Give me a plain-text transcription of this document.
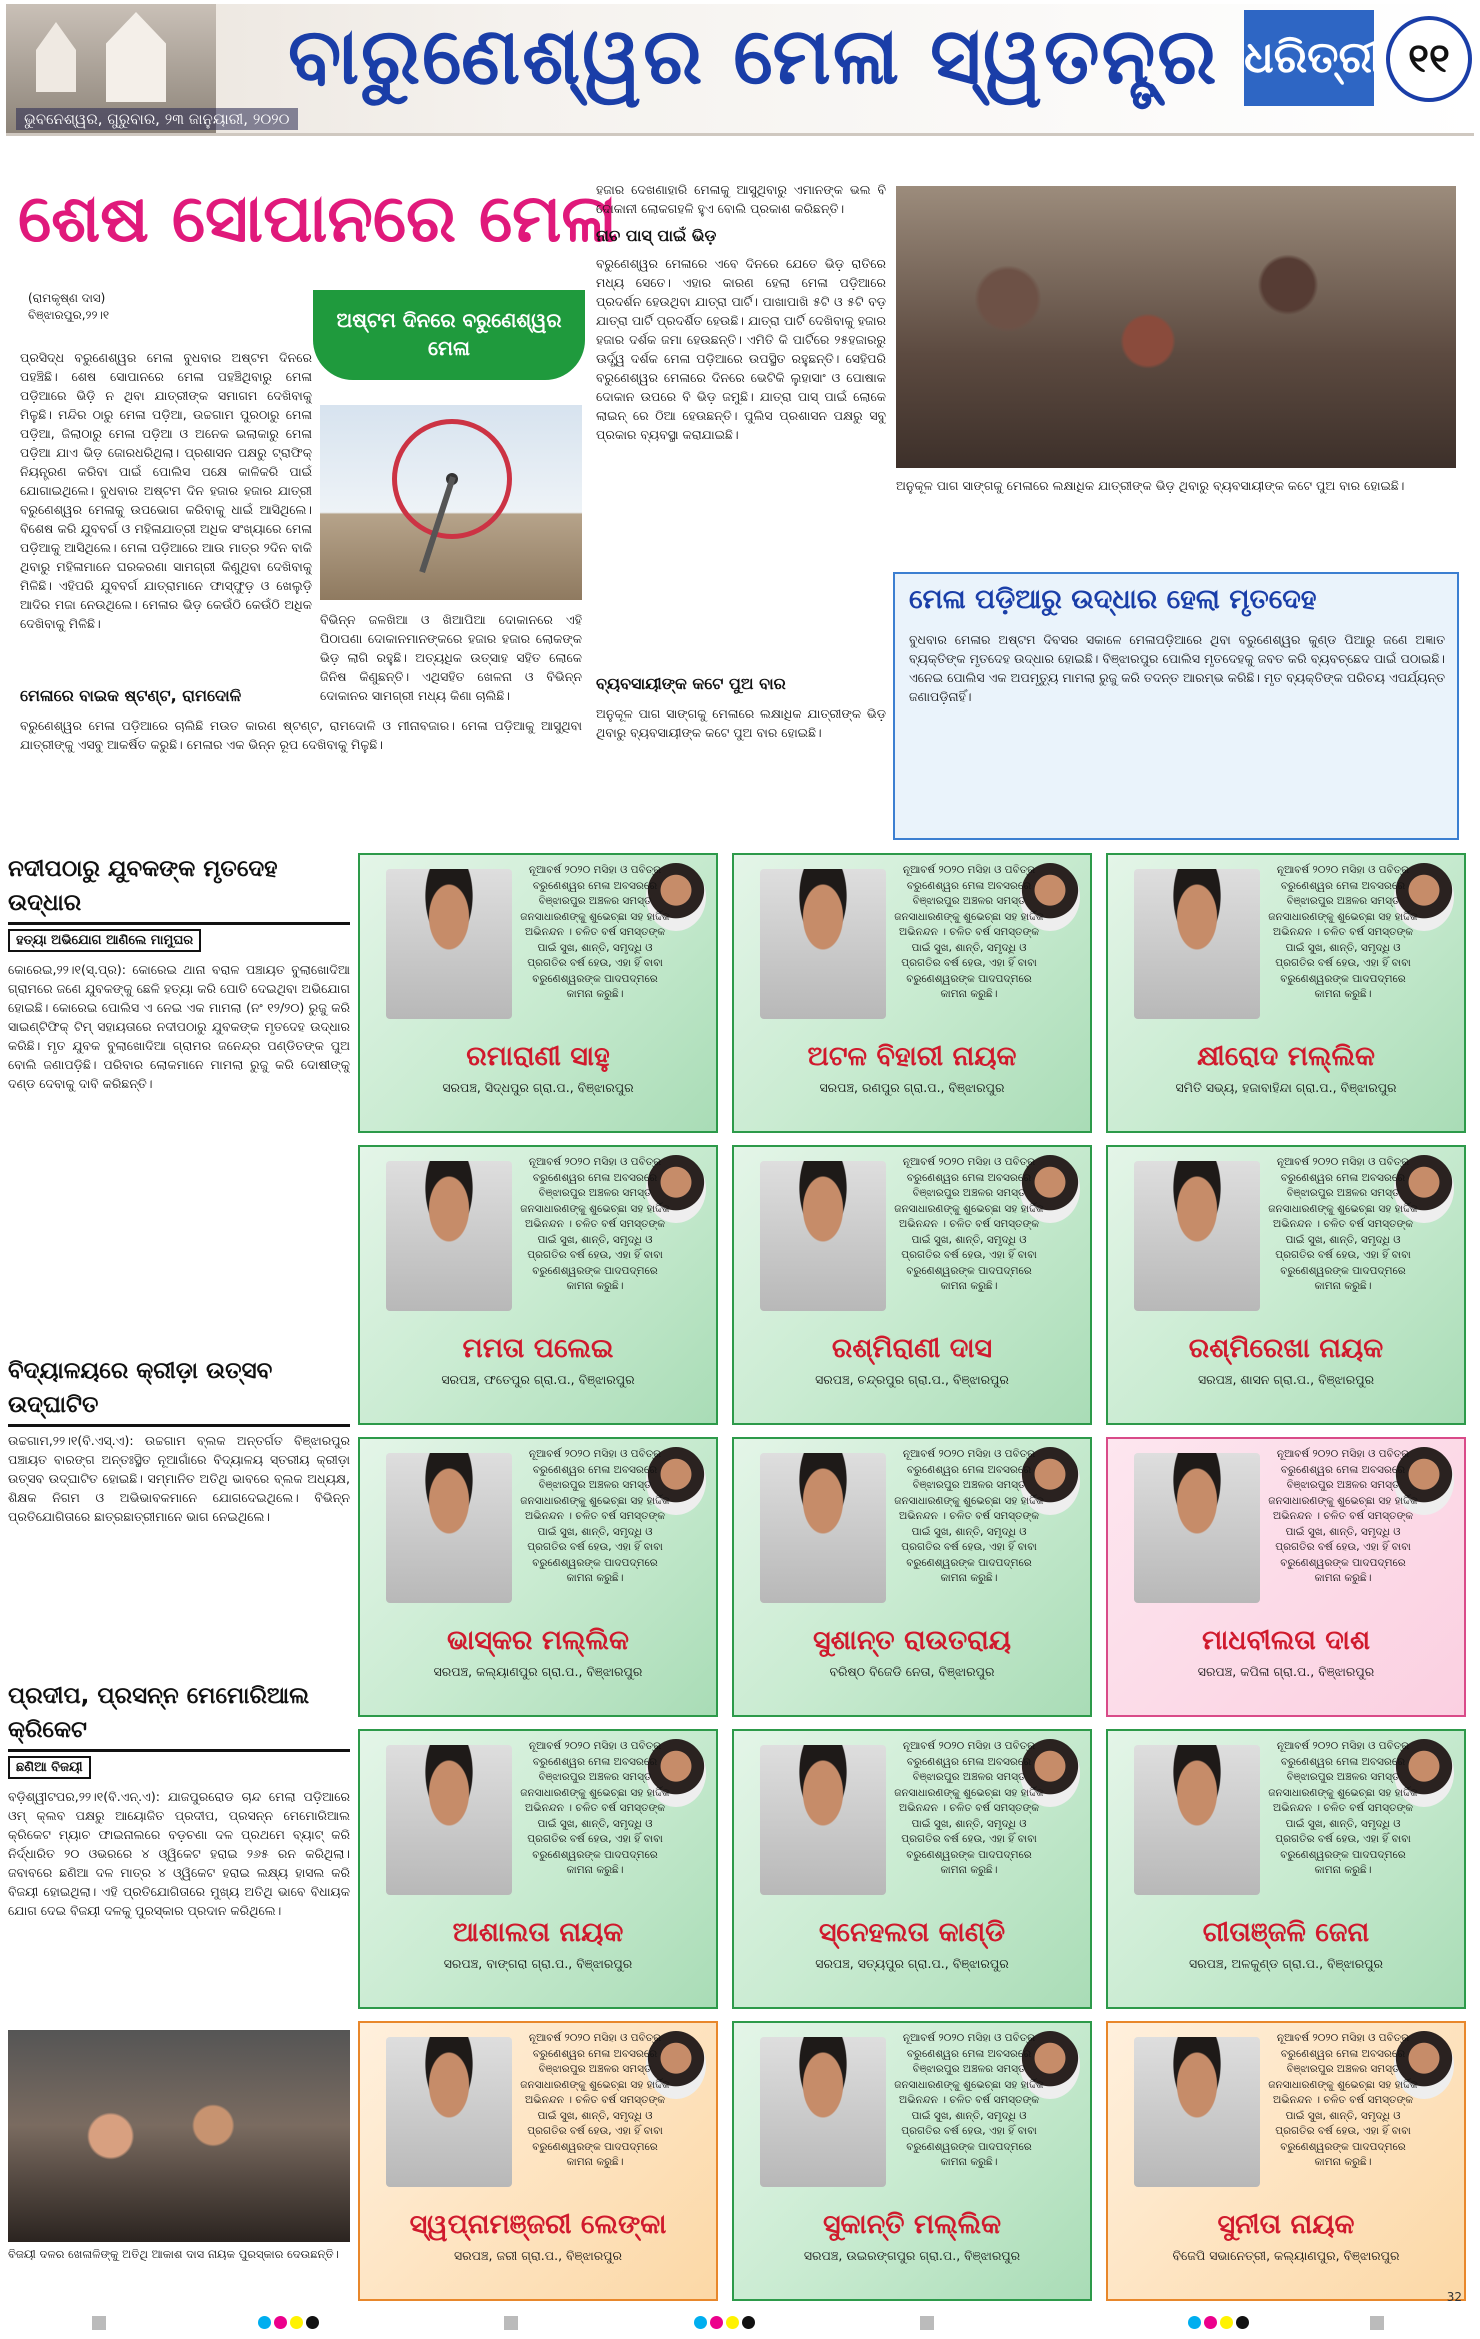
ବାରୁଣେଶ୍ୱର ମେଳା ସ୍ୱତନ୍ତ୍ର
ଭୁବନେଶ୍ୱର, ଗୁରୁବାର, ୨୩ ଜାନୁୟାରୀ, ୨୦୨୦
ଧରିତ୍ରୀ ୧୧
ଶେଷ ସୋପାନରେ ମେଳା
(ରାମକୃଷ୍ଣ ଦାସ)
ବିଞ୍ଝାରପୁର,୨୨।୧	ଅଷ୍ଟମ ଦିନରେ ବରୁଣେଶ୍ୱର ମେଳା
ପ୍ରସିଦ୍ଧ ବରୁଣେଶ୍ୱର ମେଳା ବୁଧବାର ଅଷ୍ଟମ ଦିନରେ ପହଞ୍ଚିଛି। ଶେଷ ସୋପାନରେ ମେଳା ପହଞ୍ଚିଥିବାରୁ ମେଳା ପଡ଼ିଆରେ ଭିଡ଼ି ନ ଥିବା ଯାତ୍ରୀଙ୍କ ସମାଗମ ଦେଖିବାକୁ ମିଳୁଛି। ମନ୍ଦିର ଠାରୁ ମେଳା ପଡ଼ିଆ, ଉଚ୍ଚଗାମ ପୁରଠାରୁ ମେଳା ପଡ଼ିଆ, ଜିଲାଠାରୁ ମେଳା ପଡ଼ିଆ ଓ ଅନେକ ଇଲାକାରୁ ମେଳା ପଡ଼ିଆ ଯାଏ ଭିଡ଼ ଜୋରଧରିଥିଲା। ପ୍ରଶାସନ ପକ୍ଷରୁ ଟ୍ରାଫିକ୍ ନିୟନ୍ତ୍ରଣ କରିବା ପାଇଁ ପୋଲିସ ପକ୍ଷେ କାଳିକରି ପାଇଁ ଯୋଗାଇଥିଲେ। ବୁଧବାର ଅଷ୍ଟମ ଦିନ ହଜାର ହଜାର ଯାତ୍ରୀ ବରୁଣେଶ୍ୱର ମେଳାକୁ ଉପଭୋଗ କରିବାକୁ ଧାଇଁ ଆସିଥିଲେ। ବିଶେଷ କରି ଯୁବବର୍ଗ ଓ ମହିଳାଯାତ୍ରୀ ଅଧିକ ସଂଖ୍ୟାରେ ମେଳା ପଡ଼ିଆକୁ ଆସିଥିଲେ। ମେଳା ପଡ଼ିଆରେ ଆଉ ମାତ୍ର ୨ଦିନ ବାକି ଥିବାରୁ ମହିଳାମାନେ ଘରକରଣା ସାମଗ୍ରୀ କିଣୁଥିବା ଦେଖିବାକୁ ମିଳିଛି। ଏହିପରି ଯୁବବର୍ଗ ଯାତ୍ରାମାନେ ଫାସ୍ଫୁଡ଼ ଓ ଖେଲୁଡ଼ି ଆଦିର ମଜା ନେଉଥିଲେ। ମେଳାର ଭିଡ଼ କେଉଁଠି କେଉଁଠି ଅଧିକ ଦେଖିବାକୁ ମିଳିଛି।	ବିଭିନ୍ନ ଜଳଖିଆ ଓ ଖିଆପିଆ ଦୋକାନରେ ଏହି ପିଠାପଣା ଦୋକାନମାନଙ୍କରେ ହଜାର ହଜାର ଲୋକଙ୍କ ଭିଡ଼ ଲାଗି ରହୁଛି। ଅତ୍ୟଧିକ ଉତ୍ସାହ ସହିତ ଲୋକେ ଜିନିଷ କିଣୁଛନ୍ତି। ଏଥିସହିତ ଖେଳନା ଓ ବିଭିନ୍ନ ଦୋକାନର ସାମଗ୍ରୀ ମଧ୍ୟ କିଣା ଚାଲିଛି।
ମେଳାରେ ବାଇକ ଷ୍ଟଣ୍ଟ, ରାମଦୋଳି
ବରୁଣେଶ୍ୱର ମେଳା ପଡ଼ିଆରେ ଚାଲିଛି ମଉତ କାରଣ ଷ୍ଟଣ୍ଟ, ରାମଦୋଳି ଓ ମୀନାବଜାର। ମେଳା ପଡ଼ିଆକୁ ଆସୁଥିବା ଯାତ୍ରୀଙ୍କୁ ଏସବୁ ଆକର୍ଷିତ କରୁଛି। ମେଳାର ଏକ ଭିନ୍ନ ରୂପ ଦେଖିବାକୁ ମିଳୁଛି।
ହଜାର ଦେଖଣାହାରି ମେଳାକୁ ଆସୁଥିବାରୁ ଏମାନଙ୍କ ଭଲ ବି ଦୋକାନୀ ଲୋକଗହଳି ହୁଏ ବୋଲି ପ୍ରକାଶ କରିଛନ୍ତି।
ନାଚ ପାସ୍ ପାଇଁ ଭିଡ଼
ବରୁଣେଶ୍ୱର ମେଳାରେ ଏବେ ଦିନରେ ଯେତେ ଭିଡ଼ ରାତିରେ ମଧ୍ୟ ସେତେ। ଏହାର କାରଣ ହେଲା ମେଳା ପଡ଼ିଆରେ ପ୍ରଦର୍ଶନ ହେଉଥିବା ଯାତ୍ରା ପାର୍ଟି। ପାଖାପାଖି ୫ଟି ଓ ୫ଟି ବଡ଼ ଯାତ୍ରା ପାର୍ଟି ପ୍ରଦର୍ଶିତ ହେଉଛି। ଯାତ୍ରା ପାର୍ଟି ଦେଖିବାକୁ ହଜାର ହଜାର ଦର୍ଶକ ଜମା ହେଉଛନ୍ତି। ଏମିତି କି ପାର୍ଟିରେ ୨୫ହଜାରରୁ ଊର୍ଦ୍ଧ୍ୱ ଦର୍ଶକ ମେଳା ପଡ଼ିଆରେ ଉପସ୍ଥିତ ରହୁଛନ୍ତି। ସେହିପରି ବରୁଣେଶ୍ୱର ମେଳାରେ ଦିନରେ ଭେଟିକି ଲୁହାସାଂ ଓ ପୋଷାକ ଦୋକାନ ଉପରେ ବି ଭିଡ଼ ଜମୁଛି। ଯାତ୍ରା ପାସ୍ ପାଇଁ ଲୋକେ ଲାଇନ୍ ରେ ଠିଆ ହେଉଛନ୍ତି। ପୁଲିସ ପ୍ରଶାସନ ପକ୍ଷରୁ ସବୁ ପ୍ରକାର ବ୍ୟବସ୍ଥା କରାଯାଇଛି।
ବ୍ୟବସାୟୀଙ୍କ କଟେ ପୁଅ ବାର
ଅନୁକୂଳ ପାଗ ସାଙ୍ଗକୁ ମେଳାରେ ଲକ୍ଷାଧିକ ଯାତ୍ରୀଙ୍କ ଭିଡ଼ ଥିବାରୁ ବ୍ୟବସାୟୀଙ୍କ କଟେ ପୁଅ ବାର ହୋଇଛି।
ଅନୁକୂଳ ପାଗ ସାଙ୍ଗକୁ ମେଳାରେ ଲକ୍ଷାଧିକ ଯାତ୍ରୀଙ୍କ ଭିଡ଼ ଥିବାରୁ ବ୍ୟବସାୟୀଙ୍କ କଟେ ପୁଅ ବାର ହୋଇଛି।
ମେଳା ପଡ଼ିଆରୁ ଉଦ୍ଧାର ହେଲା ମୃତଦେହ
ବୁଧବାର ମେଳାର ଅଷ୍ଟମ ଦିବସର ସକାଳେ ମେଳାପଡ଼ିଆରେ ଥିବା ବରୁଣେଶ୍ୱର କୁଣ୍ଡ ପିଆରୁ ଜଣେ ଅଜ୍ଞାତ ବ୍ୟକ୍ତିଙ୍କ ମୃତଦେହ ଉଦ୍ଧାର ହୋଇଛି। ବିଞ୍ଝାରପୁର ପୋଲିସ ମୃତଦେହକୁ ଜବତ କରି ବ୍ୟବଚ୍ଛେଦ ପାଇଁ ପଠାଇଛି। ଏନେଇ ପୋଲିସ ଏକ ଅପମୃତ୍ୟୁ ମାମଲା ରୁଜୁ କରି ତଦନ୍ତ ଆରମ୍ଭ କରିଛି। ମୃତ ବ୍ୟକ୍ତିଙ୍କ ପରିଚୟ ଏପର୍ଯ୍ୟନ୍ତ ଜଣାପଡ଼ିନାହିଁ।
ନଦୀପଠାରୁ ଯୁବକଙ୍କ ମୃତଦେହ ଉଦ୍ଧାର
ହତ୍ୟା ଅଭିଯୋଗ ଆଣିଲେ ମାମୁଘର
କୋରେଇ,୨୨।୧(ସ୍.ପ୍ର): କୋରେଇ ଥାନା ବରାଳ ପଞ୍ଚାୟତ ବୁଲାଖୋଦିଆ ଗ୍ରାମରେ ଜଣେ ଯୁବକଙ୍କୁ ଛେଳି ହତ୍ୟା କରି ପୋତି ଦେଇଥିବା ଅଭିଯୋଗ ହୋଇଛି। କୋରେଇ ପୋଲିସ ଏ ନେଇ ଏକ ମାମଲା (ନଂ ୧୨/୨୦) ରୁଜୁ କରି ସାଇଣ୍ଟିଫିକ୍ ଟିମ୍ ସହାୟତାରେ ନଦୀପଠାରୁ ଯୁବକଙ୍କ ମୃତଦେହ ଉଦ୍ଧାର କରିଛି। ମୃତ ଯୁବକ ବୁଲାଖୋଦିଆ ଗ୍ରାମର ଜନେନ୍ଦ୍ର ପଣ୍ଡିତଙ୍କ ପୁଅ ବୋଲି ଜଣାପଡ଼ିଛି। ପରିବାର ଲୋକମାନେ ମାମଲା ରୁଜୁ କରି ଦୋଷୀଙ୍କୁ ଦଣ୍ଡ ଦେବାକୁ ଦାବି କରିଛନ୍ତି।
ବିଦ୍ୟାଳୟରେ କ୍ରୀଡ଼ା ଉତ୍ସବ ଉଦ୍‌ଘାଟିତ
ଉଚ୍ଚଗାମ,୨୨।୧(ବି.ଏସ୍.ଏ): ଉଚ୍ଚଗାମ ବ୍ଲକ ଅନ୍ତର୍ଗତ ବିଞ୍ଝାରପୁର ପଞ୍ଚାୟତ ବାରଙ୍ଗ ଅନ୍ତଃସ୍ଥିତ ନୂଆଗାଁରେ ବିଦ୍ୟାଳୟ ସ୍ତରୀୟ କ୍ରୀଡ଼ା ଉତ୍ସବ ଉଦ୍‌ଘାଟିତ ହୋଇଛି। ସମ୍ମାନିତ ଅତିଥି ଭାବରେ ବ୍ଲକ ଅଧ୍ୟକ୍ଷ, ଶିକ୍ଷକ ନିଗମ ଓ ଅଭିଭାବକମାନେ ଯୋଗଦେଇଥିଲେ। ବିଭିନ୍ନ ପ୍ରତିଯୋଗିତାରେ ଛାତ୍ରଛାତ୍ରୀମାନେ ଭାଗ ନେଇଥିଲେ।
ପ୍ରଦୀପ, ପ୍ରସନ୍ନ ମେମୋରିଆଲ କ୍ରିକେଟ
ଛଣିଆ ବିଜୟୀ
ବଡ଼ିଶ୍ୱୀଟପର,୨୨।୧(ବି.ଏନ୍.ଏ): ଯାଜପୁରରୋଡ ଚାନ୍ଦ ମେଲା ପଡ଼ିଆରେ ଓମ୍ କ୍ଲବ ପକ୍ଷରୁ ଆୟୋଜିତ ପ୍ରଦୀପ, ପ୍ରସନ୍ନ ମେମୋରିଆଲ କ୍ରିକେଟ ମ୍ୟାଚ ଫାଇନାଲରେ ବଡ଼ଚଣା ଦଳ ପ୍ରଥମେ ବ୍ୟାଟ୍ କରି ନିର୍ଦ୍ଧାରିତ ୨୦ ଓଭରରେ ୪ ଓ୍ୱିକେଟ ହରାଇ ୨୬୫ ରନ କରିଥିଲା। ଜବାବରେ ଛଣିଆ ଦଳ ମାତ୍ର ୪ ଓ୍ୱିକେଟ ହରାଇ ଲକ୍ଷ୍ୟ ହାସଲ କରି ବିଜୟୀ ହୋଇଥିଲା। ଏହି ପ୍ରତିଯୋଗିତାରେ ମୁଖ୍ୟ ଅତିଥି ଭାବେ ବିଧାୟକ ଯୋଗ ଦେଇ ବିଜୟୀ ଦଳକୁ ପୁରସ୍କାର ପ୍ରଦାନ କରିଥିଲେ।
ବିଜୟୀ ଦଳର ଖେଳାଳିଙ୍କୁ ଅତିଥି ଆକାଶ ଦାସ ନାୟକ ପୁରସ୍କାର ଦେଉଛନ୍ତି।
ନୂଆବର୍ଷ ୨୦୨୦ ମସିହା ଓ ପବିତ୍ର ବରୁଣେଶ୍ୱର ମେଳା ଅବସରରେ ବିଞ୍ଝାରପୁର ଅଞ୍ଚଳର ସମସ୍ତ ଜନସାଧାରଣଙ୍କୁ ଶୁଭେଚ୍ଛା ସହ ହାର୍ଦ୍ଦିକ ଅଭିନନ୍ଦନ । ଚଳିତ ବର୍ଷ ସମସ୍ତଙ୍କ ପାଇଁ ସୁଖ, ଶାନ୍ତି, ସମୃଦ୍ଧି ଓ ପ୍ରଗତିର ବର୍ଷ ହେଉ, ଏହା ହିଁ ବାବା ବରୁଣେଶ୍ୱରଙ୍କ ପାଦପଦ୍ମରେ କାମନା କରୁଛି।
ରମାରାଣୀ ସାହୁ
ସରପଞ୍ଚ, ସିଦ୍ଧପୁର ଗ୍ରା.ପ., ବିଞ୍ଝାରପୁର
ନୂଆବର୍ଷ ୨୦୨୦ ମସିହା ଓ ପବିତ୍ର ବରୁଣେଶ୍ୱର ମେଳା ଅବସରରେ ବିଞ୍ଝାରପୁର ଅଞ୍ଚଳର ସମସ୍ତ ଜନସାଧାରଣଙ୍କୁ ଶୁଭେଚ୍ଛା ସହ ହାର୍ଦ୍ଦିକ ଅଭିନନ୍ଦନ । ଚଳିତ ବର୍ଷ ସମସ୍ତଙ୍କ ପାଇଁ ସୁଖ, ଶାନ୍ତି, ସମୃଦ୍ଧି ଓ ପ୍ରଗତିର ବର୍ଷ ହେଉ, ଏହା ହିଁ ବାବା ବରୁଣେଶ୍ୱରଙ୍କ ପାଦପଦ୍ମରେ କାମନା କରୁଛି।
ଅଟଳ ବିହାରୀ ନାୟକ
ସରପଞ୍ଚ, ରଣପୁର ଗ୍ରା.ପ., ବିଞ୍ଝାରପୁର
ନୂଆବର୍ଷ ୨୦୨୦ ମସିହା ଓ ପବିତ୍ର ବରୁଣେଶ୍ୱର ମେଳା ଅବସରରେ ବିଞ୍ଝାରପୁର ଅଞ୍ଚଳର ସମସ୍ତ ଜନସାଧାରଣଙ୍କୁ ଶୁଭେଚ୍ଛା ସହ ହାର୍ଦ୍ଦିକ ଅଭିନନ୍ଦନ । ଚଳିତ ବର୍ଷ ସମସ୍ତଙ୍କ ପାଇଁ ସୁଖ, ଶାନ୍ତି, ସମୃଦ୍ଧି ଓ ପ୍ରଗତିର ବର୍ଷ ହେଉ, ଏହା ହିଁ ବାବା ବରୁଣେଶ୍ୱରଙ୍କ ପାଦପଦ୍ମରେ କାମନା କରୁଛି।
କ୍ଷୀରୋଦ ମଲ୍ଲିକ
ସମିତି ସଭ୍ୟ, ହଜାବାହିନ୍ଦା ଗ୍ରା.ପ., ବିଞ୍ଝାରପୁର
ନୂଆବର୍ଷ ୨୦୨୦ ମସିହା ଓ ପବିତ୍ର ବରୁଣେଶ୍ୱର ମେଳା ଅବସରରେ ବିଞ୍ଝାରପୁର ଅଞ୍ଚଳର ସମସ୍ତ ଜନସାଧାରଣଙ୍କୁ ଶୁଭେଚ୍ଛା ସହ ହାର୍ଦ୍ଦିକ ଅଭିନନ୍ଦନ । ଚଳିତ ବର୍ଷ ସମସ୍ତଙ୍କ ପାଇଁ ସୁଖ, ଶାନ୍ତି, ସମୃଦ୍ଧି ଓ ପ୍ରଗତିର ବର୍ଷ ହେଉ, ଏହା ହିଁ ବାବା ବରୁଣେଶ୍ୱରଙ୍କ ପାଦପଦ୍ମରେ କାମନା କରୁଛି।
ମମତା ପଲେଇ
ସରପଞ୍ଚ, ଫତେପୁର ଗ୍ରା.ପ., ବିଞ୍ଝାରପୁର
ନୂଆବର୍ଷ ୨୦୨୦ ମସିହା ଓ ପବିତ୍ର ବରୁଣେଶ୍ୱର ମେଳା ଅବସରରେ ବିଞ୍ଝାରପୁର ଅଞ୍ଚଳର ସମସ୍ତ ଜନସାଧାରଣଙ୍କୁ ଶୁଭେଚ୍ଛା ସହ ହାର୍ଦ୍ଦିକ ଅଭିନନ୍ଦନ । ଚଳିତ ବର୍ଷ ସମସ୍ତଙ୍କ ପାଇଁ ସୁଖ, ଶାନ୍ତି, ସମୃଦ୍ଧି ଓ ପ୍ରଗତିର ବର୍ଷ ହେଉ, ଏହା ହିଁ ବାବା ବରୁଣେଶ୍ୱରଙ୍କ ପାଦପଦ୍ମରେ କାମନା କରୁଛି।
ରଶ୍ମିରାଣୀ ଦାସ
ସରପଞ୍ଚ, ଚନ୍ଦ୍ରପୁର ଗ୍ରା.ପ., ବିଞ୍ଝାରପୁର
ନୂଆବର୍ଷ ୨୦୨୦ ମସିହା ଓ ପବିତ୍ର ବରୁଣେଶ୍ୱର ମେଳା ଅବସରରେ ବିଞ୍ଝାରପୁର ଅଞ୍ଚଳର ସମସ୍ତ ଜନସାଧାରଣଙ୍କୁ ଶୁଭେଚ୍ଛା ସହ ହାର୍ଦ୍ଦିକ ଅଭିନନ୍ଦନ । ଚଳିତ ବର୍ଷ ସମସ୍ତଙ୍କ ପାଇଁ ସୁଖ, ଶାନ୍ତି, ସମୃଦ୍ଧି ଓ ପ୍ରଗତିର ବର୍ଷ ହେଉ, ଏହା ହିଁ ବାବା ବରୁଣେଶ୍ୱରଙ୍କ ପାଦପଦ୍ମରେ କାମନା କରୁଛି।
ରଶ୍ମିରେଖା ନାୟକ
ସରପଞ୍ଚ, ଶାସନ ଗ୍ରା.ପ., ବିଞ୍ଝାରପୁର
ନୂଆବର୍ଷ ୨୦୨୦ ମସିହା ଓ ପବିତ୍ର ବରୁଣେଶ୍ୱର ମେଳା ଅବସରରେ ବିଞ୍ଝାରପୁର ଅଞ୍ଚଳର ସମସ୍ତ ଜନସାଧାରଣଙ୍କୁ ଶୁଭେଚ୍ଛା ସହ ହାର୍ଦ୍ଦିକ ଅଭିନନ୍ଦନ । ଚଳିତ ବର୍ଷ ସମସ୍ତଙ୍କ ପାଇଁ ସୁଖ, ଶାନ୍ତି, ସମୃଦ୍ଧି ଓ ପ୍ରଗତିର ବର୍ଷ ହେଉ, ଏହା ହିଁ ବାବା ବରୁଣେଶ୍ୱରଙ୍କ ପାଦପଦ୍ମରେ କାମନା କରୁଛି।
ଭାସ୍କର ମଲ୍ଲିକ
ସରପଞ୍ଚ, କଲ୍ୟାଣପୁର ଗ୍ରା.ପ., ବିଞ୍ଝାରପୁର
ନୂଆବର୍ଷ ୨୦୨୦ ମସିହା ଓ ପବିତ୍ର ବରୁଣେଶ୍ୱର ମେଳା ଅବସରରେ ବିଞ୍ଝାରପୁର ଅଞ୍ଚଳର ସମସ୍ତ ଜନସାଧାରଣଙ୍କୁ ଶୁଭେଚ୍ଛା ସହ ହାର୍ଦ୍ଦିକ ଅଭିନନ୍ଦନ । ଚଳିତ ବର୍ଷ ସମସ୍ତଙ୍କ ପାଇଁ ସୁଖ, ଶାନ୍ତି, ସମୃଦ୍ଧି ଓ ପ୍ରଗତିର ବର୍ଷ ହେଉ, ଏହା ହିଁ ବାବା ବରୁଣେଶ୍ୱରଙ୍କ ପାଦପଦ୍ମରେ କାମନା କରୁଛି।
ସୁଶାନ୍ତ ରାଉତରାୟ
ବରିଷ୍ଠ ବିଜେଡି ନେତା, ବିଞ୍ଝାରପୁର
ନୂଆବର୍ଷ ୨୦୨୦ ମସିହା ଓ ପବିତ୍ର ବରୁଣେଶ୍ୱର ମେଳା ଅବସରରେ ବିଞ୍ଝାରପୁର ଅଞ୍ଚଳର ସମସ୍ତ ଜନସାଧାରଣଙ୍କୁ ଶୁଭେଚ୍ଛା ସହ ହାର୍ଦ୍ଦିକ ଅଭିନନ୍ଦନ । ଚଳିତ ବର୍ଷ ସମସ୍ତଙ୍କ ପାଇଁ ସୁଖ, ଶାନ୍ତି, ସମୃଦ୍ଧି ଓ ପ୍ରଗତିର ବର୍ଷ ହେଉ, ଏହା ହିଁ ବାବା ବରୁଣେଶ୍ୱରଙ୍କ ପାଦପଦ୍ମରେ କାମନା କରୁଛି।
ମାଧବୀଲତା ଦାଶ
ସରପଞ୍ଚ, କପିଳା ଗ୍ରା.ପ., ବିଞ୍ଝାରପୁର
ନୂଆବର୍ଷ ୨୦୨୦ ମସିହା ଓ ପବିତ୍ର ବରୁଣେଶ୍ୱର ମେଳା ଅବସରରେ ବିଞ୍ଝାରପୁର ଅଞ୍ଚଳର ସମସ୍ତ ଜନସାଧାରଣଙ୍କୁ ଶୁଭେଚ୍ଛା ସହ ହାର୍ଦ୍ଦିକ ଅଭିନନ୍ଦନ । ଚଳିତ ବର୍ଷ ସମସ୍ତଙ୍କ ପାଇଁ ସୁଖ, ଶାନ୍ତି, ସମୃଦ୍ଧି ଓ ପ୍ରଗତିର ବର୍ଷ ହେଉ, ଏହା ହିଁ ବାବା ବରୁଣେଶ୍ୱରଙ୍କ ପାଦପଦ୍ମରେ କାମନା କରୁଛି।
ଆଶାଲତା ନାୟକ
ସରପଞ୍ଚ, ବାଙ୍ଗରା ଗ୍ରା.ପ., ବିଞ୍ଝାରପୁର
ନୂଆବର୍ଷ ୨୦୨୦ ମସିହା ଓ ପବିତ୍ର ବରୁଣେଶ୍ୱର ମେଳା ଅବସରରେ ବିଞ୍ଝାରପୁର ଅଞ୍ଚଳର ସମସ୍ତ ଜନସାଧାରଣଙ୍କୁ ଶୁଭେଚ୍ଛା ସହ ହାର୍ଦ୍ଦିକ ଅଭିନନ୍ଦନ । ଚଳିତ ବର୍ଷ ସମସ୍ତଙ୍କ ପାଇଁ ସୁଖ, ଶାନ୍ତି, ସମୃଦ୍ଧି ଓ ପ୍ରଗତିର ବର୍ଷ ହେଉ, ଏହା ହିଁ ବାବା ବରୁଣେଶ୍ୱରଙ୍କ ପାଦପଦ୍ମରେ କାମନା କରୁଛି।
ସ୍ନେହଲତା କାଣ୍ଡି
ସରପଞ୍ଚ, ସତ୍ୟପୁର ଗ୍ରା.ପ., ବିଞ୍ଝାରପୁର
ନୂଆବର୍ଷ ୨୦୨୦ ମସିହା ଓ ପବିତ୍ର ବରୁଣେଶ୍ୱର ମେଳା ଅବସରରେ ବିଞ୍ଝାରପୁର ଅଞ୍ଚଳର ସମସ୍ତ ଜନସାଧାରଣଙ୍କୁ ଶୁଭେଚ୍ଛା ସହ ହାର୍ଦ୍ଦିକ ଅଭିନନ୍ଦନ । ଚଳିତ ବର୍ଷ ସମସ୍ତଙ୍କ ପାଇଁ ସୁଖ, ଶାନ୍ତି, ସମୃଦ୍ଧି ଓ ପ୍ରଗତିର ବର୍ଷ ହେଉ, ଏହା ହିଁ ବାବା ବରୁଣେଶ୍ୱରଙ୍କ ପାଦପଦ୍ମରେ କାମନା କରୁଛି।
ଗୀତାଞ୍ଜଳି ଜେନା
ସରପଞ୍ଚ, ଅଳକୁଣ୍ଡ ଗ୍ରା.ପ., ବିଞ୍ଝାରପୁର
ନୂଆବର୍ଷ ୨୦୨୦ ମସିହା ଓ ପବିତ୍ର ବରୁଣେଶ୍ୱର ମେଳା ଅବସରରେ ବିଞ୍ଝାରପୁର ଅଞ୍ଚଳର ସମସ୍ତ ଜନସାଧାରଣଙ୍କୁ ଶୁଭେଚ୍ଛା ସହ ହାର୍ଦ୍ଦିକ ଅଭିନନ୍ଦନ । ଚଳିତ ବର୍ଷ ସମସ୍ତଙ୍କ ପାଇଁ ସୁଖ, ଶାନ୍ତି, ସମୃଦ୍ଧି ଓ ପ୍ରଗତିର ବର୍ଷ ହେଉ, ଏହା ହିଁ ବାବା ବରୁଣେଶ୍ୱରଙ୍କ ପାଦପଦ୍ମରେ କାମନା କରୁଛି।
ସ୍ୱପ୍ନାମଞ୍ଜରୀ ଲେଙ୍କା
ସରପଞ୍ଚ, ଜରୀ ଗ୍ରା.ପ., ବିଞ୍ଝାରପୁର
ନୂଆବର୍ଷ ୨୦୨୦ ମସିହା ଓ ପବିତ୍ର ବରୁଣେଶ୍ୱର ମେଳା ଅବସରରେ ବିଞ୍ଝାରପୁର ଅଞ୍ଚଳର ସମସ୍ତ ଜନସାଧାରଣଙ୍କୁ ଶୁଭେଚ୍ଛା ସହ ହାର୍ଦ୍ଦିକ ଅଭିନନ୍ଦନ । ଚଳିତ ବର୍ଷ ସମସ୍ତଙ୍କ ପାଇଁ ସୁଖ, ଶାନ୍ତି, ସମୃଦ୍ଧି ଓ ପ୍ରଗତିର ବର୍ଷ ହେଉ, ଏହା ହିଁ ବାବା ବରୁଣେଶ୍ୱରଙ୍କ ପାଦପଦ୍ମରେ କାମନା କରୁଛି।
ସୁକାନ୍ତି ମଲ୍ଲିକ
ସରପଞ୍ଚ, ଉଇରଙ୍ଗପୁର ଗ୍ରା.ପ., ବିଞ୍ଝାରପୁର
ନୂଆବର୍ଷ ୨୦୨୦ ମସିହା ଓ ପବିତ୍ର ବରୁଣେଶ୍ୱର ମେଳା ଅବସରରେ ବିଞ୍ଝାରପୁର ଅଞ୍ଚଳର ସମସ୍ତ ଜନସାଧାରଣଙ୍କୁ ଶୁଭେଚ୍ଛା ସହ ହାର୍ଦ୍ଦିକ ଅଭିନନ୍ଦନ । ଚଳିତ ବର୍ଷ ସମସ୍ତଙ୍କ ପାଇଁ ସୁଖ, ଶାନ୍ତି, ସମୃଦ୍ଧି ଓ ପ୍ରଗତିର ବର୍ଷ ହେଉ, ଏହା ହିଁ ବାବା ବରୁଣେଶ୍ୱରଙ୍କ ପାଦପଦ୍ମରେ କାମନା କରୁଛି।
ସୁନୀତା ନାୟକ
ବିଜେପି ସଭାନେତ୍ରୀ, କଲ୍ୟାଣପୁର, ବିଞ୍ଝାରପୁର
32
